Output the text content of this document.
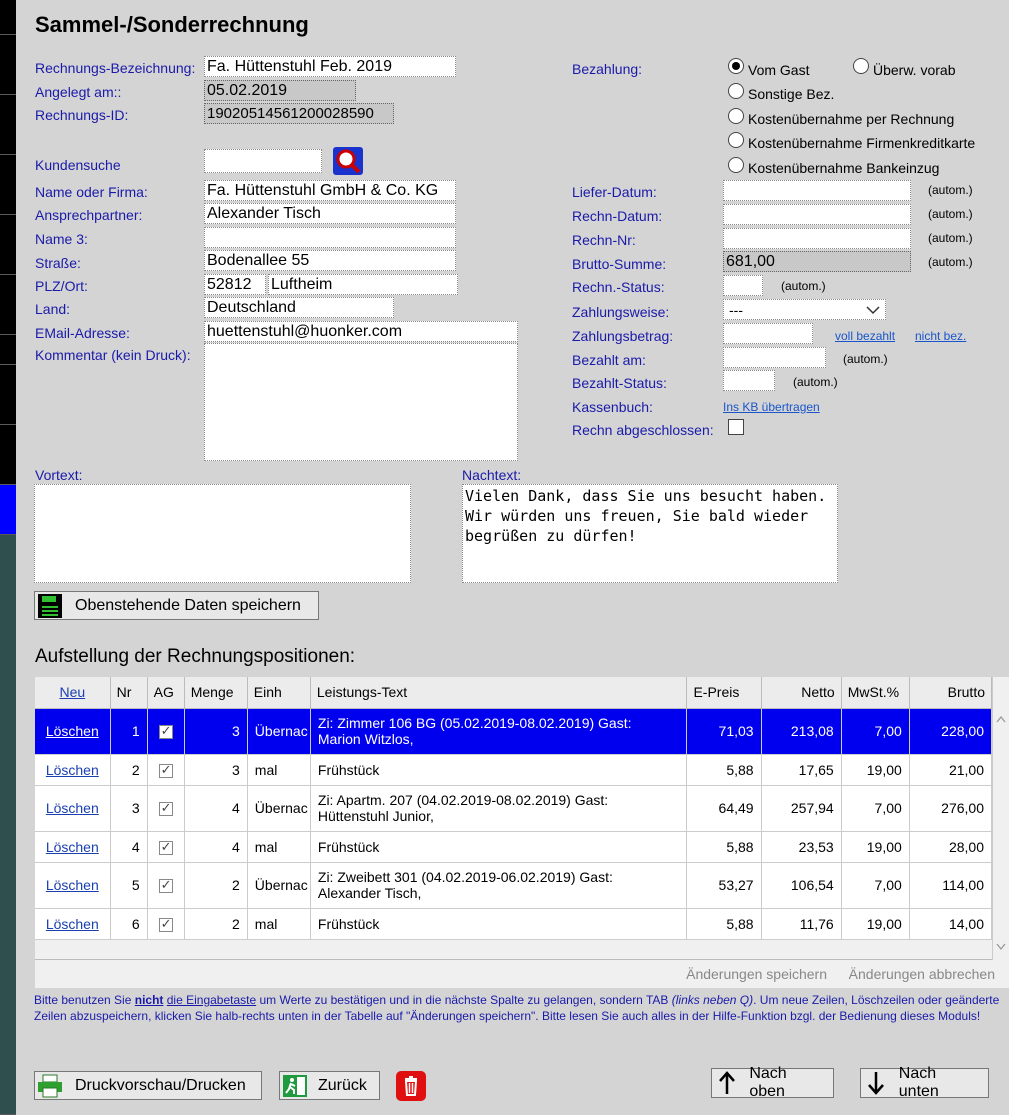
Sammel-/Sonderrechnung
Rechnungs-Bezeichnung: Fa. Hüttenstuhl Feb. 2019
Angelegt am::	05.02.2019
Rechnungs-ID:	19020514561200028590
Kundensuche
Name oder Firma:	Fa. Hüttenstuhl GmbH & Co. KG
Ansprechpartner:	Alexander Tisch
Name 3:
Straße:	Bodenallee 55
PLZ/Ort:	52812	Luftheim
Land:	Deutschland
EMail-Adresse:	huettenstuhl@huonker.com
Kommentar (kein Druck):
Bezahlung:	Vom Gast	Überw. vorab
Sonstige Bez.
Kostenübernahme per Rechnung
Kostenübernahme Firmenkreditkarte
Kostenübernahme Bankeinzug
Liefer-Datum:	(autom.)
Rechn-Datum:	(autom.)
Rechn-Nr:	(autom.)
Brutto-Summe:	681,00	(autom.)
Rechn.-Status:	(autom.)
Zahlungsweise:	---
Zahlungsbetrag:	voll bezahlt nicht bez.
Bezahlt am:	(autom.)
Bezahlt-Status:	(autom.)
Kassenbuch:	Ins KB übertragen
Rechn abgeschlossen:
Vortext:	Nachtext:
Vielen Dank, dass Sie uns besucht haben.
Wir würden uns freuen, Sie bald wieder
begrüßen zu dürfen!
Obenstehende Daten speichern
Aufstellung der Rechnungspositionen:
Neu	Nr	AG	Menge	Einh	Leistungs-Text	E-Preis	Netto	MwSt.%	Brutto
Löschen	1	✓	3	Übernac	Zi: Zimmer 106 BG (05.02.2019-08.02.2019) Gast:
Marion Witzlos,	71,03	213,08	7,00	228,00
Löschen	2	✓	3	mal	Frühstück	5,88	17,65	19,00	21,00
Löschen	3	✓	4	Übernac	Zi: Apartm. 207 (04.02.2019-08.02.2019) Gast:
Hüttenstuhl Junior,	64,49	257,94	7,00	276,00
Löschen	4	✓	4	mal	Frühstück	5,88	23,53	19,00	28,00
Löschen	5	✓	2	Übernac	Zi: Zweibett 301 (04.02.2019-06.02.2019) Gast:
Alexander Tisch,	53,27	106,54	7,00	114,00
Löschen	6	✓	2	mal	Frühstück	5,88	11,76	19,00	14,00
Änderungen speichern Änderungen abbrechen
Bitte benutzen Sie nicht die Eingabetaste um Werte zu bestätigen und in die nächste Spalte zu gelangen, sondern TAB (links neben Q). Um neue Zeilen, Löschzeilen oder geänderte Zeilen abzuspeichern, klicken Sie halb-rechts unten in der Tabelle auf "Änderungen speichern". Bitte lesen Sie auch alles in der Hilfe-Funktion bzgl. der Bedienung dieses Moduls!
Druckvorschau/Drucken	Zurück
Nach oben
Nach unten
